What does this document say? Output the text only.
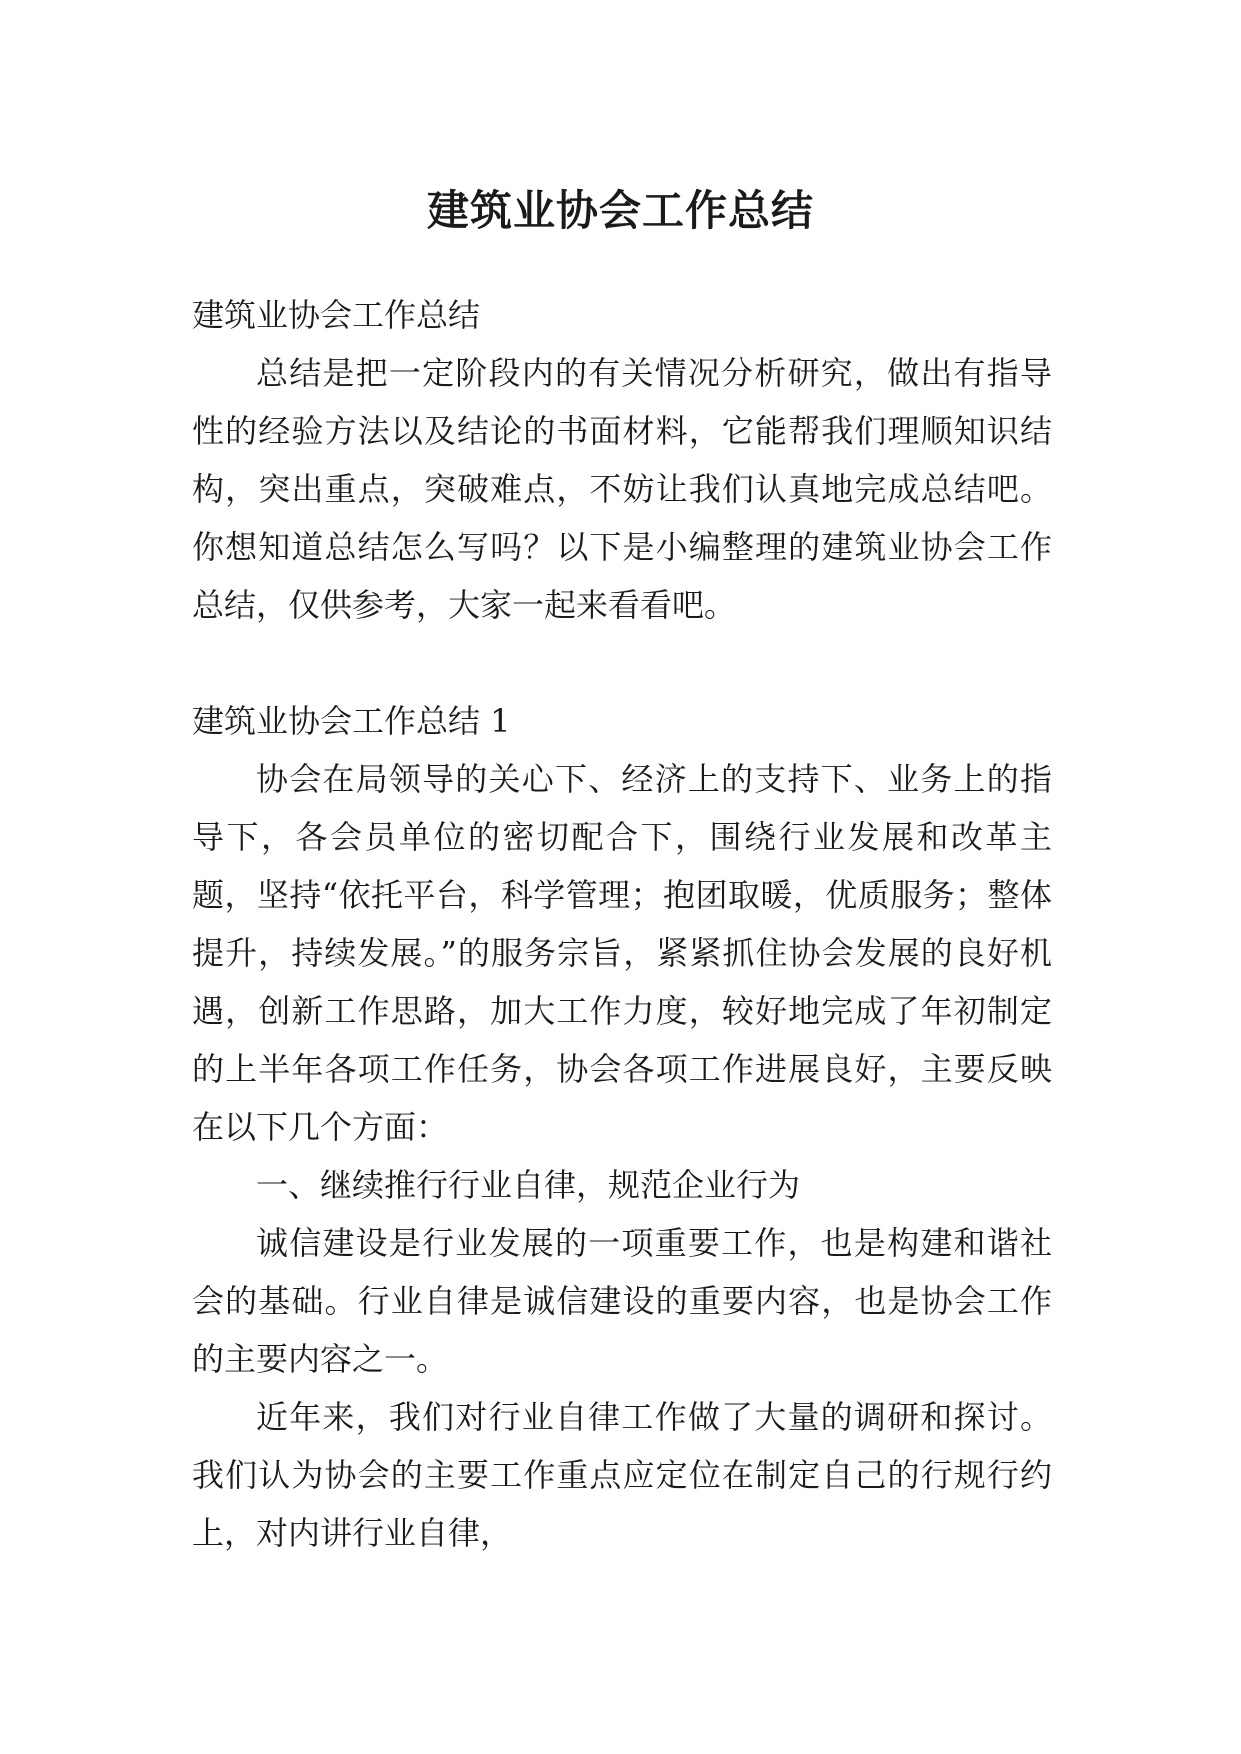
建筑业协会工作总结

建筑业协会工作总结

总结是把一定阶段内的有关情况分析研究，做出有指导性的经验方法以及结论的书面材料，它能帮我们理顺知识结构，突出重点，突破难点，不妨让我们认真地完成总结吧。你想知道总结怎么写吗？以下是小编整理的建筑业协会工作总结，仅供参考，大家一起来看看吧。

建筑业协会工作总结 1

协会在局领导的关心下、经济上的支持下、业务上的指导下，各会员单位的密切配合下，围绕行业发展和改革主题，坚持“依托平台，科学管理；抱团取暖，优质服务；整体提升，持续发展。”的服务宗旨，紧紧抓住协会发展的良好机遇，创新工作思路，加大工作力度，较好地完成了年初制定的上半年各项工作任务，协会各项工作进展良好，主要反映在以下几个方面：

一、继续推行行业自律，规范企业行为

诚信建设是行业发展的一项重要工作，也是构建和谐社会的基础。行业自律是诚信建设的重要内容，也是协会工作的主要内容之一。

近年来，我们对行业自律工作做了大量的调研和探讨。我们认为协会的主要工作重点应定位在制定自己的行规行约上，对内讲行业自律，
